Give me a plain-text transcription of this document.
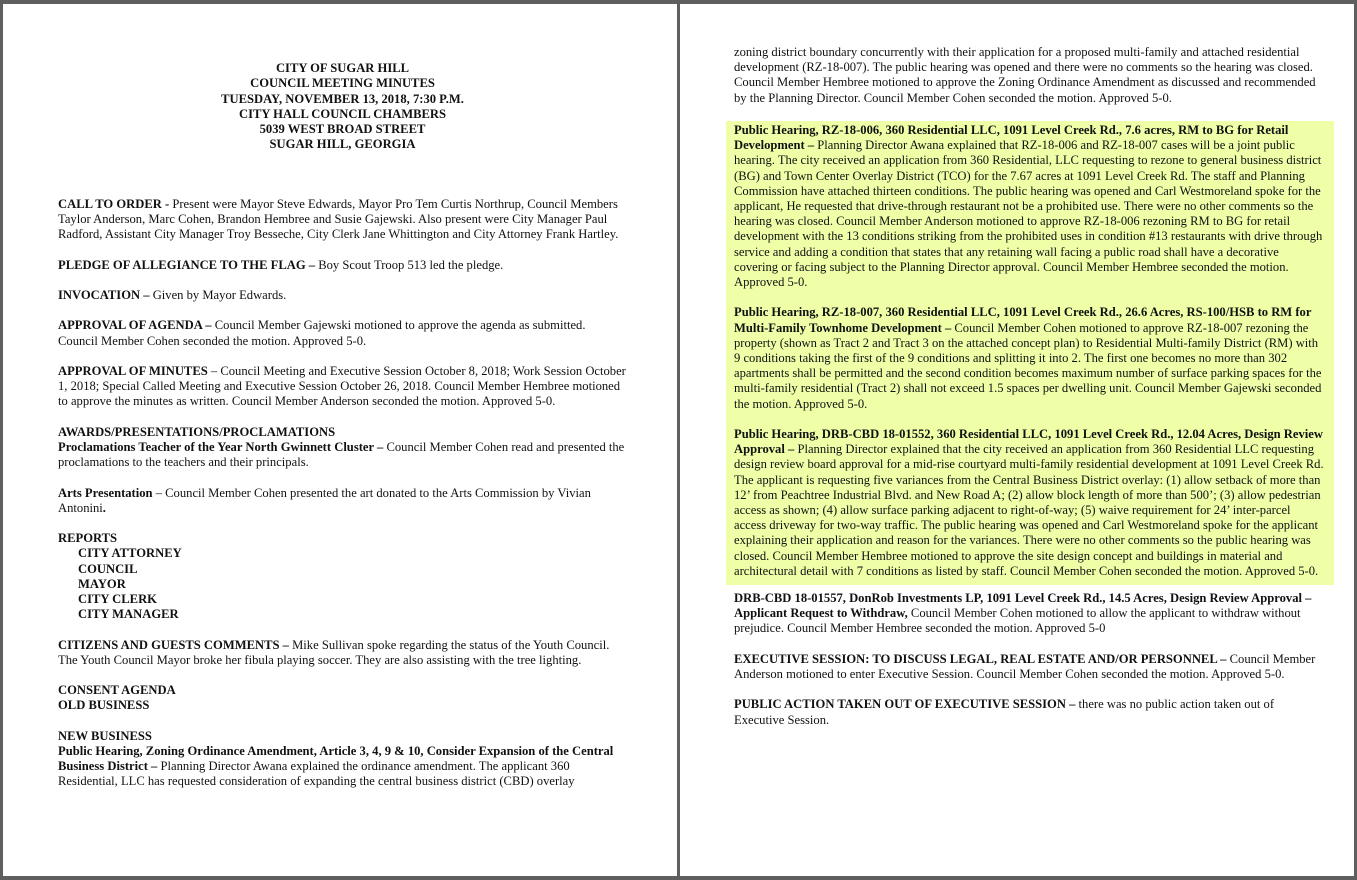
CITY OF SUGAR HILL
COUNCIL MEETING MINUTES
TUESDAY, NOVEMBER 13, 2018, 7:30 P.M.
CITY HALL COUNCIL CHAMBERS
5039 WEST BROAD STREET
SUGAR HILL, GEORGIA

CALL TO ORDER - Present were Mayor Steve Edwards, Mayor Pro Tem Curtis Northrup, Council Members Taylor Anderson, Marc Cohen, Brandon Hembree and Susie Gajewski. Also present were City Manager Paul Radford, Assistant City Manager Troy Besseche, City Clerk Jane Whittington and City Attorney Frank Hartley.

PLEDGE OF ALLEGIANCE TO THE FLAG – Boy Scout Troop 513 led the pledge.

INVOCATION – Given by Mayor Edwards.

APPROVAL OF AGENDA – Council Member Gajewski motioned to approve the agenda as submitted. Council Member Cohen seconded the motion. Approved 5-0.

APPROVAL OF MINUTES – Council Meeting and Executive Session October 8, 2018; Work Session October 1, 2018; Special Called Meeting and Executive Session October 26, 2018. Council Member Hembree motioned to approve the minutes as written. Council Member Anderson seconded the motion. Approved 5-0.

AWARDS/PRESENTATIONS/PROCLAMATIONS
Proclamations Teacher of the Year North Gwinnett Cluster – Council Member Cohen read and presented the proclamations to the teachers and their principals.

Arts Presentation – Council Member Cohen presented the art donated to the Arts Commission by Vivian Antonini.

REPORTS
CITY ATTORNEY
COUNCIL
MAYOR
CITY CLERK
CITY MANAGER

CITIZENS AND GUESTS COMMENTS – Mike Sullivan spoke regarding the status of the Youth Council. The Youth Council Mayor broke her fibula playing soccer. They are also assisting with the tree lighting.

CONSENT AGENDA
OLD BUSINESS

NEW BUSINESS
Public Hearing, Zoning Ordinance Amendment, Article 3, 4, 9 & 10, Consider Expansion of the Central Business District – Planning Director Awana explained the ordinance amendment. The applicant 360 Residential, LLC has requested consideration of expanding the central business district (CBD) overlay

zoning district boundary concurrently with their application for a proposed multi-family and attached residential development (RZ-18-007). The public hearing was opened and there were no comments so the hearing was closed. Council Member Hembree motioned to approve the Zoning Ordinance Amendment as discussed and recommended by the Planning Director. Council Member Cohen seconded the motion. Approved 5-0.

Public Hearing, RZ-18-006, 360 Residential LLC, 1091 Level Creek Rd., 7.6 acres, RM to BG for Retail Development – Planning Director Awana explained that RZ-18-006 and RZ-18-007 cases will be a joint public hearing. The city received an application from 360 Residential, LLC requesting to rezone to general business district (BG) and Town Center Overlay District (TCO) for the 7.67 acres at 1091 Level Creek Rd. The staff and Planning Commission have attached thirteen conditions. The public hearing was opened and Carl Westmoreland spoke for the applicant, He requested that drive-through restaurant not be a prohibited use. There were no other comments so the hearing was closed. Council Member Anderson motioned to approve RZ-18-006 rezoning RM to BG for retail development with the 13 conditions striking from the prohibited uses in condition #13 restaurants with drive through service and adding a condition that states that any retaining wall facing a public road shall have a decorative covering or facing subject to the Planning Director approval. Council Member Hembree seconded the motion. Approved 5-0.

Public Hearing, RZ-18-007, 360 Residential LLC, 1091 Level Creek Rd., 26.6 Acres, RS-100/HSB to RM for Multi-Family Townhome Development – Council Member Cohen motioned to approve RZ-18-007 rezoning the property (shown as Tract 2 and Tract 3 on the attached concept plan) to Residential Multi-family District (RM) with 9 conditions taking the first of the 9 conditions and splitting it into 2. The first one becomes no more than 302 apartments shall be permitted and the second condition becomes maximum number of surface parking spaces for the multi-family residential (Tract 2) shall not exceed 1.5 spaces per dwelling unit. Council Member Gajewski seconded the motion. Approved 5-0.

Public Hearing, DRB-CBD 18-01552, 360 Residential LLC, 1091 Level Creek Rd., 12.04 Acres, Design Review Approval – Planning Director explained that the city received an application from 360 Residential LLC requesting design review board approval for a mid-rise courtyard multi-family residential development at 1091 Level Creek Rd. The applicant is requesting five variances from the Central Business District overlay: (1) allow setback of more than 12’ from Peachtree Industrial Blvd. and New Road A; (2) allow block length of more than 500’; (3) allow pedestrian access as shown; (4) allow surface parking adjacent to right-of-way; (5) waive requirement for 24’ inter-parcel access driveway for two-way traffic. The public hearing was opened and Carl Westmoreland spoke for the applicant explaining their application and reason for the variances. There were no other comments so the public hearing was closed. Council Member Hembree motioned to approve the site design concept and buildings in material and architectural detail with 7 conditions as listed by staff. Council Member Cohen seconded the motion. Approved 5-0.

DRB-CBD 18-01557, DonRob Investments LP, 1091 Level Creek Rd., 14.5 Acres, Design Review Approval – Applicant Request to Withdraw, Council Member Cohen motioned to allow the applicant to withdraw without prejudice. Council Member Hembree seconded the motion. Approved 5-0

EXECUTIVE SESSION: TO DISCUSS LEGAL, REAL ESTATE AND/OR PERSONNEL – Council Member Anderson motioned to enter Executive Session. Council Member Cohen seconded the motion. Approved 5-0.

PUBLIC ACTION TAKEN OUT OF EXECUTIVE SESSION – there was no public action taken out of Executive Session.
